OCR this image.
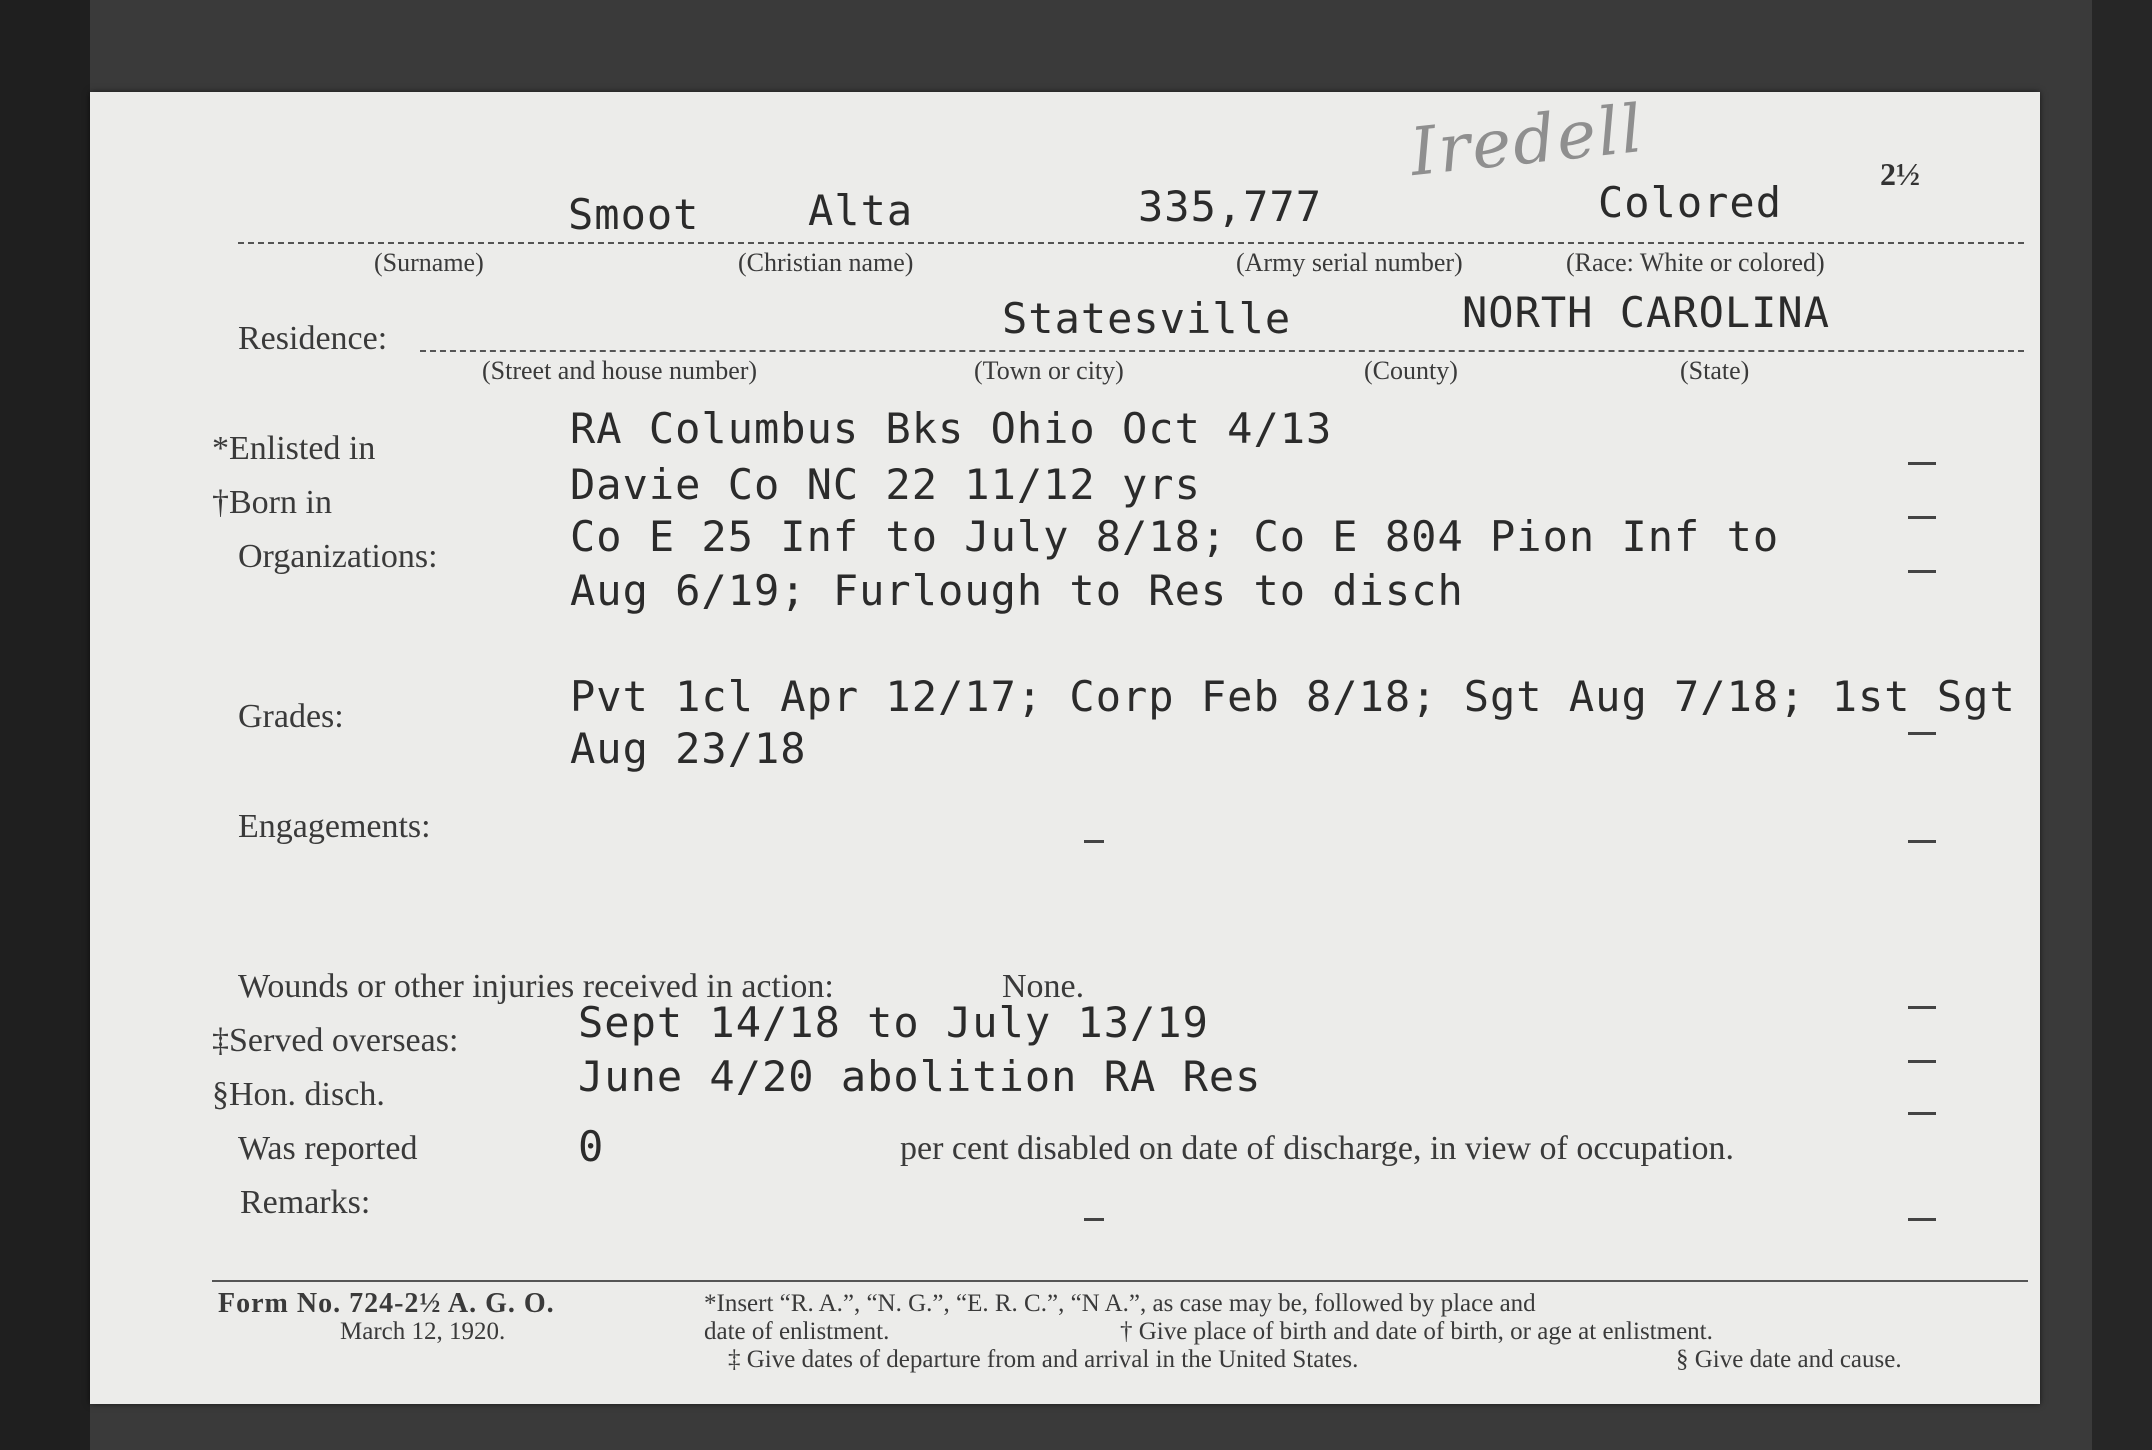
Smoot	Alta	335,777
Iredell
Colored
2½
(Surname)	(Christian name)	(Army serial number)	(Race: White or colored)
Residence:	Statesville	NORTH CAROLINA
(Street and house number)	(Town or city)	(County)	(State)
*Enlisted in	RA Columbus Bks Ohio Oct 4/13
†Born in	Davie Co NC 22 11/12 yrs
Organizations:	Co E 25 Inf to July 8/18; Co E 804 Pion Inf to
Aug 6/19; Furlough to Res to disch
Grades:	Pvt 1cl Apr 12/17; Corp Feb 8/18; Sgt Aug 7/18; 1st Sgt
Aug 23/18
Engagements:
Wounds or other injuries received in action:	None.
‡Served overseas:	Sept 14/18 to July 13/19
§Hon. disch.	June 4/20 abolition RA Res
Was reported	0	per cent disabled on date of discharge, in view of occupation.
Remarks:
Form No. 724-2½ A. G. O.
March 12, 1920.
*Insert “R. A.”, “N. G.”, “E. R. C.”, “N A.”, as case may be, followed by place and
date of enlistment.	† Give place of birth and date of birth, or age at enlistment.
‡ Give dates of departure from and arrival in the United States.	§ Give date and cause.
